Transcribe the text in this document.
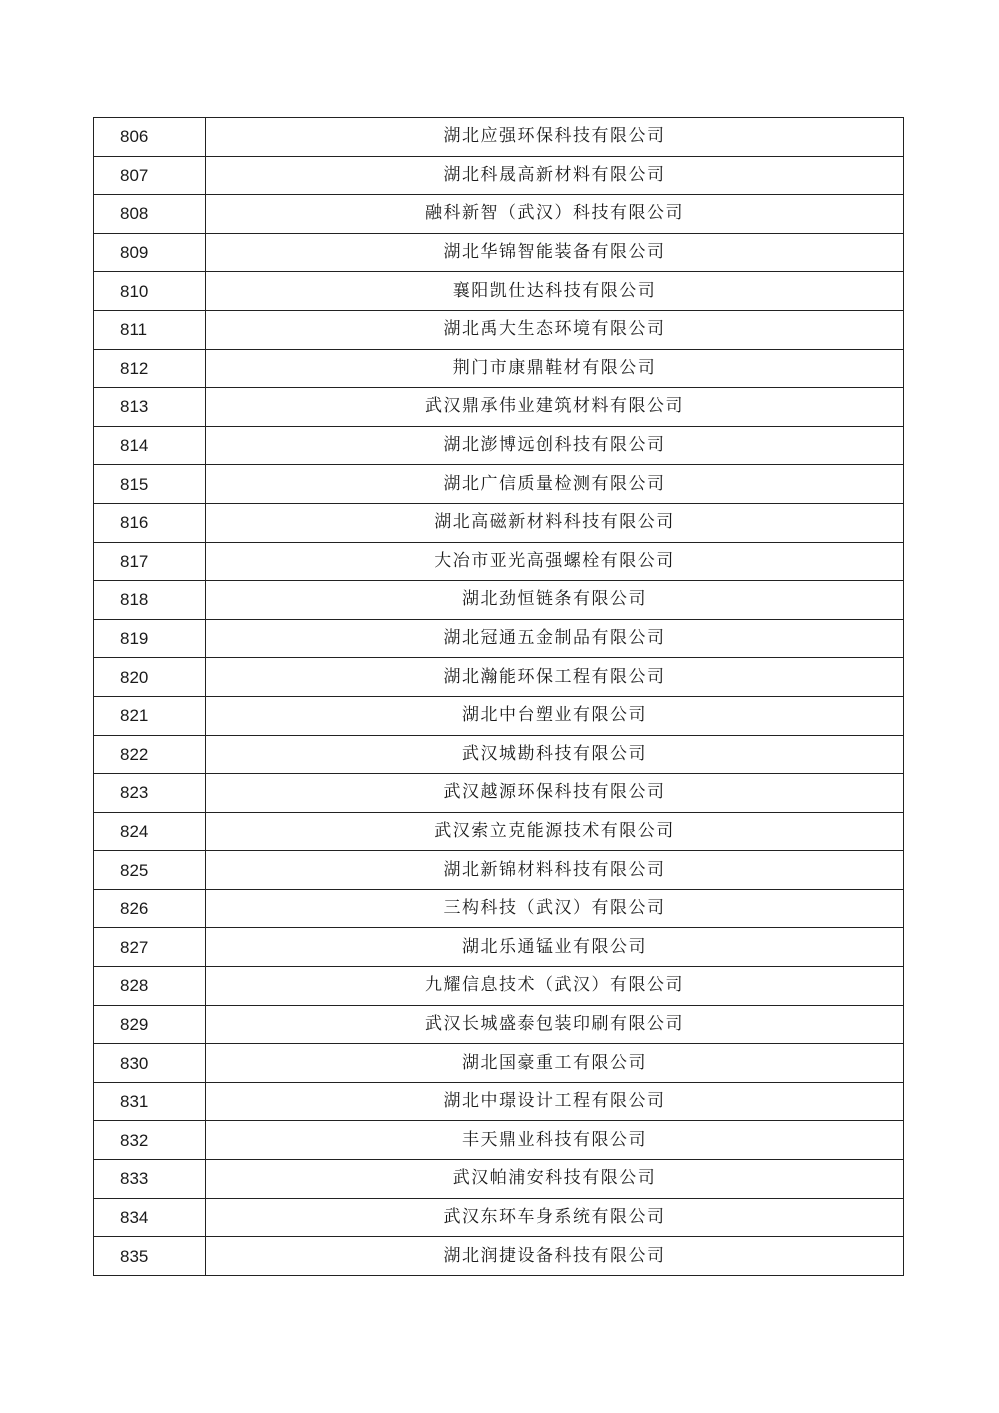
806	湖北应强环保科技有限公司
807	湖北科晟高新材料有限公司
808	融科新智（武汉）科技有限公司
809	湖北华锦智能装备有限公司
810	襄阳凯仕达科技有限公司
811	湖北禹大生态环境有限公司
812	荆门市康鼎鞋材有限公司
813	武汉鼎承伟业建筑材料有限公司
814	湖北澎博远创科技有限公司
815	湖北广信质量检测有限公司
816	湖北高磁新材料科技有限公司
817	大冶市亚光高强螺栓有限公司
818	湖北劲恒链条有限公司
819	湖北冠通五金制品有限公司
820	湖北瀚能环保工程有限公司
821	湖北中台塑业有限公司
822	武汉城勘科技有限公司
823	武汉越源环保科技有限公司
824	武汉索立克能源技术有限公司
825	湖北新锦材料科技有限公司
826	三构科技（武汉）有限公司
827	湖北乐通锰业有限公司
828	九耀信息技术（武汉）有限公司
829	武汉长城盛泰包装印刷有限公司
830	湖北国豪重工有限公司
831	湖北中璟设计工程有限公司
832	丰天鼎业科技有限公司
833	武汉帕浦安科技有限公司
834	武汉东环车身系统有限公司
835	湖北润捷设备科技有限公司
